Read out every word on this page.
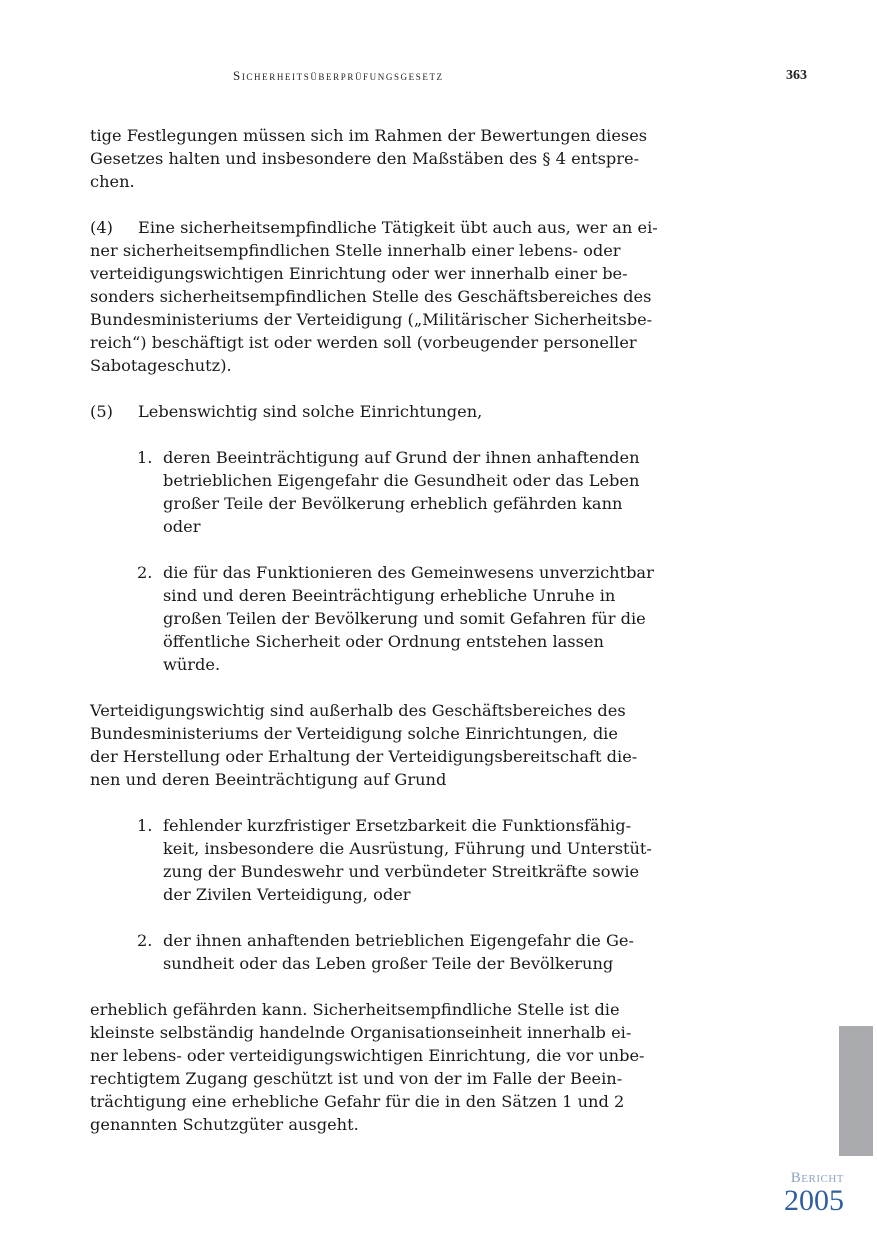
Sicherheitsüberprüfungsgesetz	363
tige Festlegungen müssen sich im Rahmen der Bewertungen dieses
Gesetzes halten und insbesondere den Maßstäben des § 4 entspre-
chen.
(4) Eine sicherheitsempfindliche Tätigkeit übt auch aus, wer an ei-
ner sicherheitsempfindlichen Stelle innerhalb einer lebens- oder
verteidigungswichtigen Einrichtung oder wer innerhalb einer be-
sonders sicherheitsempfindlichen Stelle des Geschäftsbereiches des
Bundesministeriums der Verteidigung („Militärischer Sicherheitsbe-
reich“) beschäftigt ist oder werden soll (vorbeugender personeller
Sabotageschutz).
(5) Lebenswichtig sind solche Einrichtungen,
1. deren Beeinträchtigung auf Grund der ihnen anhaftenden
betrieblichen Eigengefahr die Gesundheit oder das Leben
großer Teile der Bevölkerung erheblich gefährden kann
oder
2. die für das Funktionieren des Gemeinwesens unverzichtbar
sind und deren Beeinträchtigung erhebliche Unruhe in
großen Teilen der Bevölkerung und somit Gefahren für die
öffentliche Sicherheit oder Ordnung entstehen lassen
würde.
Verteidigungswichtig sind außerhalb des Geschäftsbereiches des
Bundesministeriums der Verteidigung solche Einrichtungen, die
der Herstellung oder Erhaltung der Verteidigungsbereitschaft die-
nen und deren Beeinträchtigung auf Grund
1. fehlender kurzfristiger Ersetzbarkeit die Funktionsfähig-
keit, insbesondere die Ausrüstung, Führung und Unterstüt-
zung der Bundeswehr und verbündeter Streitkräfte sowie
der Zivilen Verteidigung, oder
2. der ihnen anhaftenden betrieblichen Eigengefahr die Ge-
sundheit oder das Leben großer Teile der Bevölkerung
erheblich gefährden kann. Sicherheitsempfindliche Stelle ist die
kleinste selbständig handelnde Organisationseinheit innerhalb ei-
ner lebens- oder verteidigungswichtigen Einrichtung, die vor unbe-
rechtigtem Zugang geschützt ist und von der im Falle der Beein-
trächtigung eine erhebliche Gefahr für die in den Sätzen 1 und 2
genannten Schutzgüter ausgeht.
Bericht
2005
